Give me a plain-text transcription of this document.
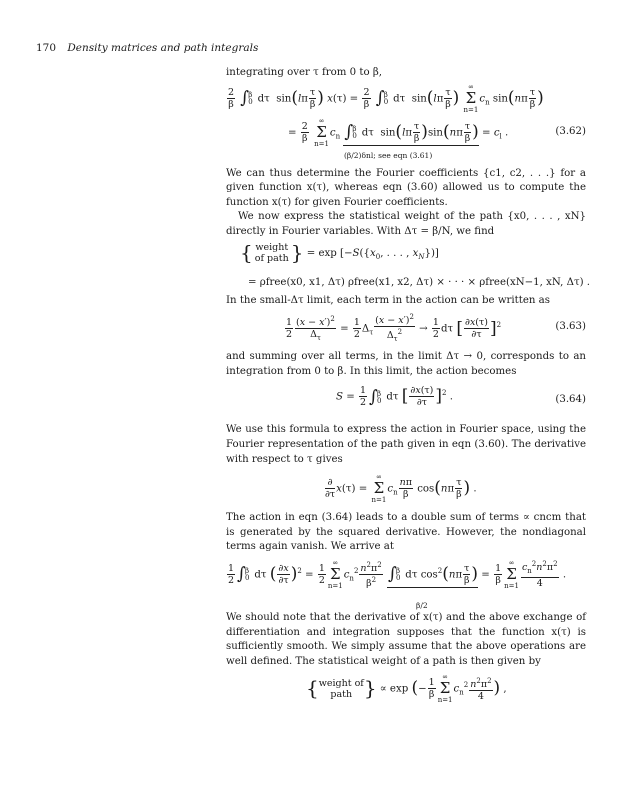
170 Density matrices and path integrals

integrating over τ from 0 to β,

$\frac{2}{\beta}$ ∫ β
0
dτ  $\sin(l\pi \frac{\tau}{\beta}$ ) $x(\tau) = \frac{2}{\beta}$ ∫ β
0
dτ  $\sin(l\pi \frac{\tau}{\beta}$ ) ∞
Σ
$n=1c_n$ $\sin(n\pi \frac{\tau}{\beta}$ )
= $\frac{2}{\beta}$ ∞
Σ
$n=1c_n$ ∫ β
0
dτ  $\sin(l\pi \frac{\tau}{\beta} )\sin(n\pi \frac{\tau}{\beta}$ ) = $c_l$ .
(β/2)δnl; see eqn (3.61)
(3.62)

We can thus determine the Fourier coefficients {c1, c2, . . .} for a given function x(τ), whereas eqn (3.60) allowed us to compute the function x(τ) for given Fourier coefficients.

We now express the statistical weight of the path {x0, . . . , xN} directly in Fourier variables. With Δτ = β/N, we find

{ weight of path } = $\exp [-S(\{x_0$, . . . , $x_N$})]
= ρfree(x0, x1, Δτ) ρfree(x1, x2, Δτ) × · · · × ρfree(xN−1, xN, Δτ) .

In the small-Δτ limit, each term in the action can be written as

$\frac{1}{2} \frac{(x - x')^2}{\Delta_\tau} = \frac{1}{2} \Delta_\tau \frac{(x - x')^2}{\Delta_\tau^2} \to \frac{1}{2}$ dτ [ $\frac{\partial x(\tau)}{\partial\tau} ]^2$	(3.63)

and summing over all terms, in the limit Δτ → 0, corresponds to an integration from 0 to β. In this limit, the action becomes

$S = \frac{1}{2}$ ∫ β
0
dτ [ $\frac{\partial x(\tau)}{\partial\tau} ]^2$ .	(3.64)

We use this formula to express the action in Fourier space, using the Fourier representation of the path given in eqn (3.60). The derivative with respect to τ gives

$\frac{\partial}{\partial\tau} x(\tau)$ = ∞
Σ
$n=1c_n \frac{n\pi}{\beta} \cos(n\pi \frac{\tau}{\beta}$ ) .

The action in eqn (3.64) leads to a double sum of terms ∝ cncm that is generated by the squared derivative. However, the nondiagonal terms again vanish. We arrive at

$\frac{1}{2}$ ∫ β
0
dτ ( $\frac{\partial x}{\partial\tau} )^2 = \frac{1}{2}$ ∞
Σ
$n=1c_n^2 \frac{n^2\pi^2}{\beta^2}$ ∫ β
0
dτ $\cos^2(n\pi \frac{\tau}{\beta}$ ) = $\frac{1}{\beta}$ ∞
Σ
$n=1 \frac{c_n^2n^2\pi^2}{4}$ .
β/2

We should note that the derivative of x(τ) and the above exchange of differentiation and integration supposes that the function x(τ) is sufficiently smooth. We simply assume that the above operations are well defined. The statistical weight of a path is then given by

{ weight of
path } ∝ exp (− $\frac{1}{\beta}$ ∞
Σ
$n=1c_n^2 \frac{n^2\pi^2}{4}$ ) ,
